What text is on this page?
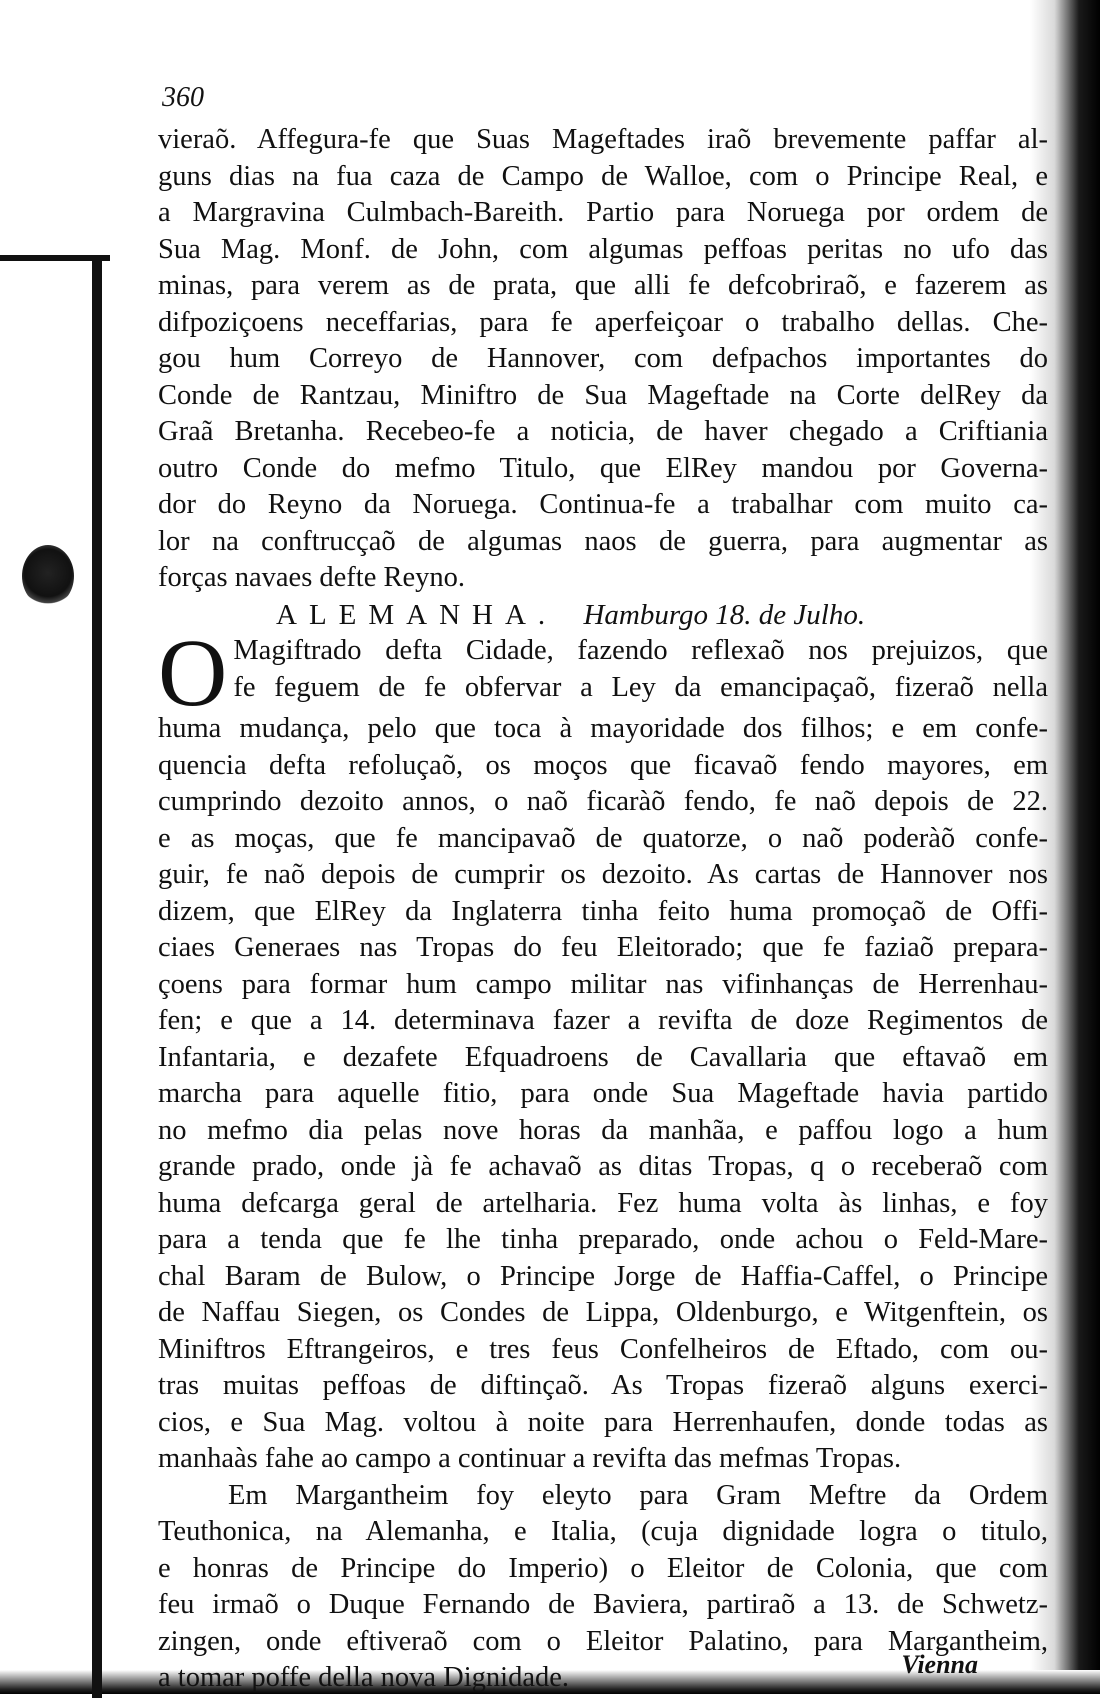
360
vieraõ. Affegura-fe que Suas Mageftades iraõ brevemente paffar al-
guns dias na fua caza de Campo de Walloe, com o Principe Real, e
a Margravina Culmbach-Bareith. Partio para Noruega por ordem de
Sua Mag. Monf. de John, com algumas peffoas peritas no ufo das
minas, para verem as de prata, que alli fe defcobriraõ, e fazerem as
difpoziçoens neceffarias, para fe aperfeiçoar o trabalho dellas. Che-
gou hum Correyo de Hannover, com defpachos importantes do
Conde de Rantzau, Miniftro de Sua Mageftade na Corte delRey da
Graã Bretanha. Recebeo-fe a noticia, de haver chegado a Criftiania
outro Conde do mefmo Titulo, que ElRey mandou por Governa-
dor do Reyno da Noruega. Continua-fe a trabalhar com muito ca-
lor na conftrucçaõ de algumas naos de guerra, para augmentar as
forças navaes defte Reyno.
ALEMANHA. Hamburgo 18. de Julho.
O Magiftrado defta Cidade, fazendo reflexaõ nos prejuizos, que
fe feguem de fe obfervar a Ley da emancipaçaõ, fizeraõ nella
huma mudança, pelo que toca à mayoridade dos filhos; e em confe-
quencia defta refoluçaõ, os moços que ficavaõ fendo mayores, em
cumprindo dezoito annos, o naõ ficaràõ fendo, fe naõ depois de 22.
e as moças, que fe mancipavaõ de quatorze, o naõ poderàõ confe-
guir, fe naõ depois de cumprir os dezoito. As cartas de Hannover nos
dizem, que ElRey da Inglaterra tinha feito huma promoçaõ de Offi-
ciaes Generaes nas Tropas do feu Eleitorado; que fe faziaõ prepara-
çoens para formar hum campo militar nas vifinhanças de Herrenhau-
fen; e que a 14. determinava fazer a revifta de doze Regimentos de
Infantaria, e dezafete Efquadroens de Cavallaria que eftavaõ em
marcha para aquelle fitio, para onde Sua Mageftade havia partido
no mefmo dia pelas nove horas da manhãa, e paffou logo a hum
grande prado, onde jà fe achavaõ as ditas Tropas, q o receberaõ com
huma defcarga geral de artelharia. Fez huma volta às linhas, e foy
para a tenda que fe lhe tinha preparado, onde achou o Feld-Mare-
chal Baram de Bulow, o Principe Jorge de Haffia-Caffel, o Principe
de Naffau Siegen, os Condes de Lippa, Oldenburgo, e Witgenftein, os
Miniftros Eftrangeiros, e tres feus Confelheiros de Eftado, com ou-
tras muitas peffoas de diftinçaõ. As Tropas fizeraõ alguns exerci-
cios, e Sua Mag. voltou à noite para Herrenhaufen, donde todas as
manhaàs fahe ao campo a continuar a revifta das mefmas Tropas.
Em Margantheim foy eleyto para Gram Meftre da Ordem
Teuthonica, na Alemanha, e Italia, (cuja dignidade logra o titulo,
e honras de Principe do Imperio) o Eleitor de Colonia, que com
feu irmaõ o Duque Fernando de Baviera, partiraõ a 13. de Schwetz-
zingen, onde eftiveraõ com o Eleitor Palatino, para Margantheim,
a tomar poffe della nova Dignidade.	Vienna
